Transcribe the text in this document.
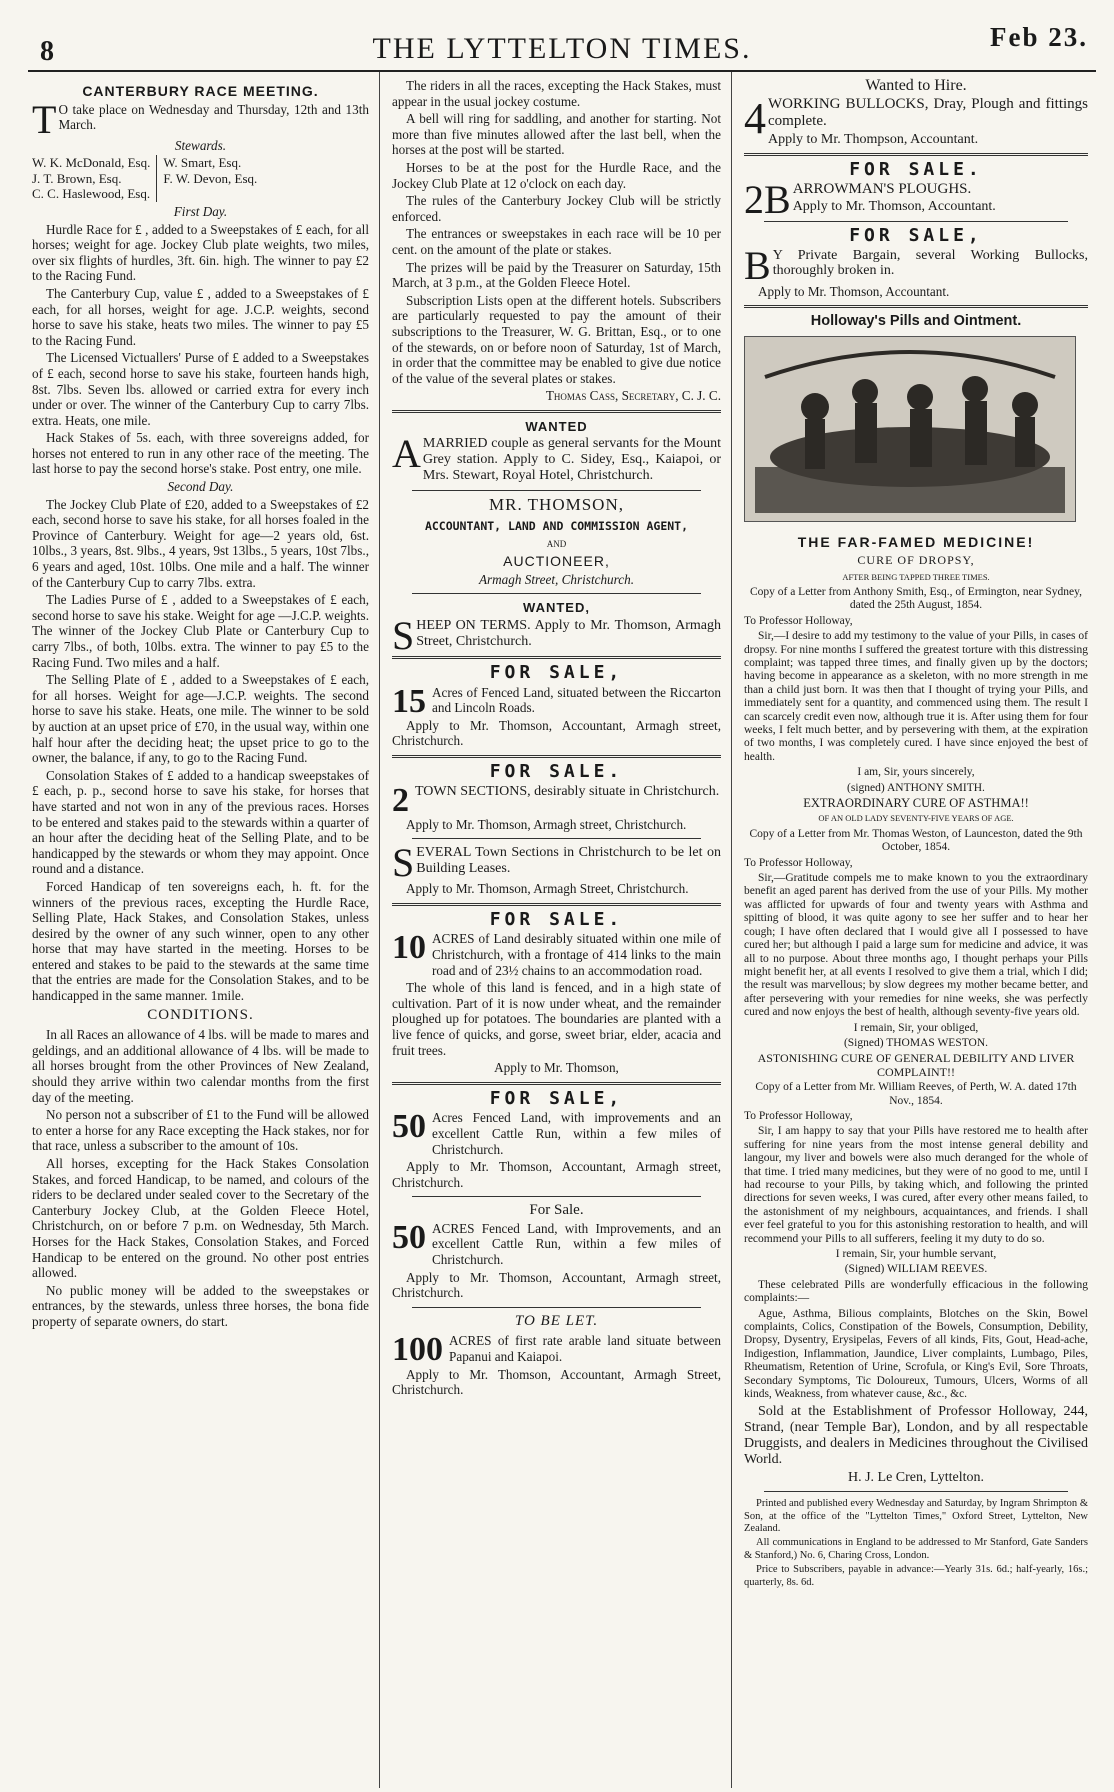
8	THE LYTTELTON TIMES.	Feb 23.
CANTERBURY RACE MEETING.

T O take place on Wednesday and Thursday, 12th and 13th March.

Stewards.

W. K. McDonald, Esq.
J. T. Brown, Esq.
C. C. Haslewood, Esq.
W. Smart, Esq.
F. W. Devon, Esq.

First Day.

Hurdle Race for £ , added to a Sweepstakes of £ each, for all horses; weight for age. Jockey Club plate weights, two miles, over six flights of hurdles, 3ft. 6in. high. The winner to pay £2 to the Racing Fund.

The Canterbury Cup, value £ , added to a Sweepstakes of £ each, for all horses, weight for age. J.C.P. weights, second horse to save his stake, heats two miles. The winner to pay £5 to the Racing Fund.

The Licensed Victuallers' Purse of £ added to a Sweepstakes of £ each, second horse to save his stake, fourteen hands high, 8st. 7lbs. Seven lbs. allowed or carried extra for every inch under or over. The winner of the Canterbury Cup to carry 7lbs. extra. Heats, one mile.

Hack Stakes of 5s. each, with three sovereigns added, for horses not entered to run in any other race of the meeting. The last horse to pay the second horse's stake. Post entry, one mile.

Second Day.

The Jockey Club Plate of £20, added to a Sweepstakes of £2 each, second horse to save his stake, for all horses foaled in the Province of Canterbury. Weight for age—2 years old, 6st. 10lbs., 3 years, 8st. 9lbs., 4 years, 9st 13lbs., 5 years, 10st 7lbs., 6 years and aged, 10st. 10lbs. One mile and a half. The winner of the Canterbury Cup to carry 7lbs. extra.

The Ladies Purse of £ , added to a Sweepstakes of £ each, second horse to save his stake. Weight for age —J.C.P. weights. The winner of the Jockey Club Plate or Canterbury Cup to carry 7lbs., of both, 10lbs. extra. The winner to pay £5 to the Racing Fund. Two miles and a half.

The Selling Plate of £ , added to a Sweepstakes of £ each, for all horses. Weight for age—J.C.P. weights. The second horse to save his stake. Heats, one mile. The winner to be sold by auction at an upset price of £70, in the usual way, within one half hour after the deciding heat; the upset price to go to the owner, the balance, if any, to go to the Racing Fund.

Consolation Stakes of £ added to a handicap sweepstakes of £ each, p. p., second horse to save his stake, for horses that have started and not won in any of the previous races. Horses to be entered and stakes paid to the stewards within a quarter of an hour after the deciding heat of the Selling Plate, and to be handicapped by the stewards or whom they may appoint. Once round and a distance.

Forced Handicap of ten sovereigns each, h. ft. for the winners of the previous races, excepting the Hurdle Race, Selling Plate, Hack Stakes, and Consolation Stakes, unless desired by the owner of any such winner, open to any other horse that may have started in the meeting. Horses to be entered and stakes to be paid to the stewards at the same time that the entries are made for the Consolation Stakes, and to be handicapped in the same manner. 1mile.

CONDITIONS.

In all Races an allowance of 4 lbs. will be made to mares and geldings, and an additional allowance of 4 lbs. will be made to all horses brought from the other Provinces of New Zealand, should they arrive within two calendar months from the first day of the meeting.

No person not a subscriber of £1 to the Fund will be allowed to enter a horse for any Race excepting the Hack stakes, nor for that race, unless a subscriber to the amount of 10s.

All horses, excepting for the Hack Stakes Consolation Stakes, and forced Handicap, to be named, and colours of the riders to be declared under sealed cover to the Secretary of the Canterbury Jockey Club, at the Golden Fleece Hotel, Christchurch, on or before 7 p.m. on Wednesday, 5th March. Horses for the Hack Stakes, Consolation Stakes, and Forced Handicap to be entered on the ground. No other post entries allowed.

No public money will be added to the sweepstakes or entrances, by the stewards, unless three horses, the bona fide property of separate owners, do start.

The riders in all the races, excepting the Hack Stakes, must appear in the usual jockey costume.

A bell will ring for saddling, and another for starting. Not more than five minutes allowed after the last bell, when the horses at the post will be started.

Horses to be at the post for the Hurdle Race, and the Jockey Club Plate at 12 o'clock on each day.

The rules of the Canterbury Jockey Club will be strictly enforced.

The entrances or sweepstakes in each race will be 10 per cent. on the amount of the plate or stakes.

The prizes will be paid by the Treasurer on Saturday, 15th March, at 3 p.m., at the Golden Fleece Hotel.

Subscription Lists open at the different hotels. Subscribers are particularly requested to pay the amount of their subscriptions to the Treasurer, W. G. Brittan, Esq., or to one of the stewards, on or before noon of Saturday, 1st of March, in order that the committee may be enabled to give due notice of the value of the several plates or stakes.

Thomas Cass, Secretary, C. J. C.

WANTED

AMARRIED couple as general servants for the Mount Grey station. Apply to C. Sidey, Esq., Kaiapoi, or Mrs. Stewart, Royal Hotel, Christchurch.

MR. THOMSON,

ACCOUNTANT, LAND AND COMMISSION AGENT,

AND

AUCTIONEER,

Armagh Street, Christchurch.

WANTED,

SHEEP ON TERMS. Apply to Mr. Thomson, Armagh Street, Christchurch.

FOR SALE,

15 Acres of Fenced Land, situated between the Riccarton and Lincoln Roads.

Apply to Mr. Thomson, Accountant, Armagh street, Christchurch.

FOR SALE.

2 TOWN SECTIONS, desirably situate in Christchurch.

Apply to Mr. Thomson, Armagh street, Christchurch.

SEVERAL Town Sections in Christchurch to be let on Building Leases.

Apply to Mr. Thomson, Armagh Street, Christchurch.

FOR SALE.

10 ACRES of Land desirably situated within one mile of Christchurch, with a frontage of 414 links to the main road and of 23½ chains to an accommodation road.

The whole of this land is fenced, and in a high state of cultivation. Part of it is now under wheat, and the remainder ploughed up for potatoes. The boundaries are planted with a live fence of quicks, and gorse, sweet briar, elder, acacia and fruit trees.

Apply to Mr. Thomson,

FOR SALE,

50 Acres Fenced Land, with improvements and an excellent Cattle Run, within a few miles of Christchurch.

Apply to Mr. Thomson, Accountant, Armagh street, Christchurch.

For Sale.

50 ACRES Fenced Land, with Improvements, and an excellent Cattle Run, within a few miles of Christchurch.

Apply to Mr. Thomson, Accountant, Armagh street, Christchurch.

TO BE LET.

100 ACRES of first rate arable land situate between Papanui and Kaiapoi.

Apply to Mr. Thomson, Accountant, Armagh Street, Christchurch.

Wanted to Hire.

4 WORKING BULLOCKS, Dray, Plough and fittings complete.

Apply to Mr. Thompson, Accountant.

FOR SALE.

2B ARROWMAN'S PLOUGHS.

Apply to Mr. Thomson, Accountant.

FOR SALE,

B Y Private Bargain, several Working Bullocks, thoroughly broken in.

Apply to Mr. Thomson, Accountant.

Holloway's Pills and Ointment.
THE FAR-FAMED MEDICINE!

CURE OF DROPSY,

AFTER BEING TAPPED THREE TIMES.

Copy of a Letter from Anthony Smith, Esq., of Ermington, near Sydney, dated the 25th August, 1854.

To Professor Holloway,

Sir,—I desire to add my testimony to the value of your Pills, in cases of dropsy. For nine months I suffered the greatest torture with this distressing complaint; was tapped three times, and finally given up by the doctors; having become in appearance as a skeleton, with no more strength in me than a child just born. It was then that I thought of trying your Pills, and immediately sent for a quantity, and commenced using them. The result I can scarcely credit even now, although true it is. After using them for four weeks, I felt much better, and by persevering with them, at the expiration of two months, I was completely cured. I have since enjoyed the best of health.

I am, Sir, yours sincerely,

(signed) ANTHONY SMITH.

EXTRAORDINARY CURE OF ASTHMA!!

OF AN OLD LADY SEVENTY-FIVE YEARS OF AGE.

Copy of a Letter from Mr. Thomas Weston, of Launceston, dated the 9th October, 1854.

To Professor Holloway,

Sir,—Gratitude compels me to make known to you the extraordinary benefit an aged parent has derived from the use of your Pills. My mother was afflicted for upwards of four and twenty years with Asthma and spitting of blood, it was quite agony to see her suffer and to hear her cough; I have often declared that I would give all I possessed to have cured her; but although I paid a large sum for medicine and advice, it was all to no purpose. About three months ago, I thought perhaps your Pills might benefit her, at all events I resolved to give them a trial, which I did; the result was marvellous; by slow degrees my mother became better, and after persevering with your remedies for nine weeks, she was perfectly cured and now enjoys the best of health, although seventy-five years old.

I remain, Sir, your obliged,

(Signed) THOMAS WESTON.

ASTONISHING CURE OF GENERAL DEBILITY AND LIVER COMPLAINT!!

Copy of a Letter from Mr. William Reeves, of Perth, W. A. dated 17th Nov., 1854.

To Professor Holloway,

Sir, I am happy to say that your Pills have restored me to health after suffering for nine years from the most intense general debility and langour, my liver and bowels were also much deranged for the whole of that time. I tried many medicines, but they were of no good to me, until I had recourse to your Pills, by taking which, and following the printed directions for seven weeks, I was cured, after every other means failed, to the astonishment of my neighbours, acquaintances, and friends. I shall ever feel grateful to you for this astonishing restoration to health, and will recommend your Pills to all sufferers, feeling it my duty to do so.

I remain, Sir, your humble servant,

(Signed) WILLIAM REEVES.

These celebrated Pills are wonderfully efficacious in the following complaints:—

Ague, Asthma, Bilious complaints, Blotches on the Skin, Bowel complaints, Colics, Constipation of the Bowels, Consumption, Debility, Dropsy, Dysentry, Erysipelas, Fevers of all kinds, Fits, Gout, Head-ache, Indigestion, Inflammation, Jaundice, Liver complaints, Lumbago, Piles, Rheumatism, Retention of Urine, Scrofula, or King's Evil, Sore Throats, Secondary Symptoms, Tic Doloureux, Tumours, Ulcers, Worms of all kinds, Weakness, from whatever cause, &c., &c.

Sold at the Establishment of Professor Holloway, 244, Strand, (near Temple Bar), London, and by all respectable Druggists, and dealers in Medicines throughout the Civilised World.

H. J. Le Cren, Lyttelton.

Printed and published every Wednesday and Saturday, by Ingram Shrimpton & Son, at the office of the "Lyttelton Times," Oxford Street, Lyttelton, New Zealand.

All communications in England to be addressed to Mr Stanford, Gate Sanders & Stanford,) No. 6, Charing Cross, London.

Price to Subscribers, payable in advance:—Yearly 31s. 6d.; half-yearly, 16s.; quarterly, 8s. 6d.
